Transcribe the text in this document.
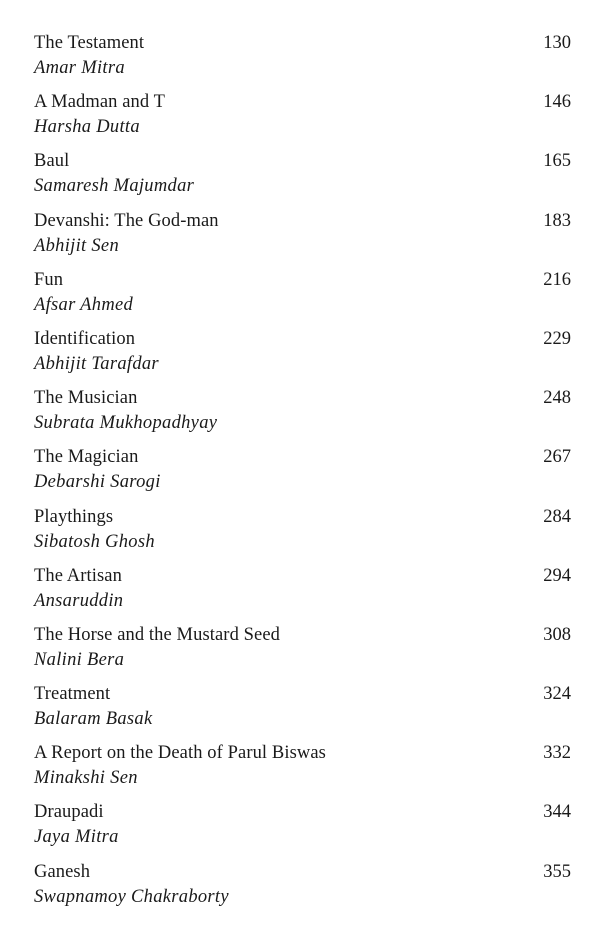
The Testament
Amar Mitra
130
A Madman and T
Harsha Dutta
146
Baul
Samaresh Majumdar
165
Devanshi: The God-man
Abhijit Sen
183
Fun
Afsar Ahmed
216
Identification
Abhijit Tarafdar
229
The Musician
Subrata Mukhopadhyay
248
The Magician
Debarshi Sarogi
267
Playthings
Sibatosh Ghosh
284
The Artisan
Ansaruddin
294
The Horse and the Mustard Seed
Nalini Bera
308
Treatment
Balaram Basak
324
A Report on the Death of Parul Biswas
Minakshi Sen
332
Draupadi
Jaya Mitra
344
Ganesh
Swapnamoy Chakraborty
355
